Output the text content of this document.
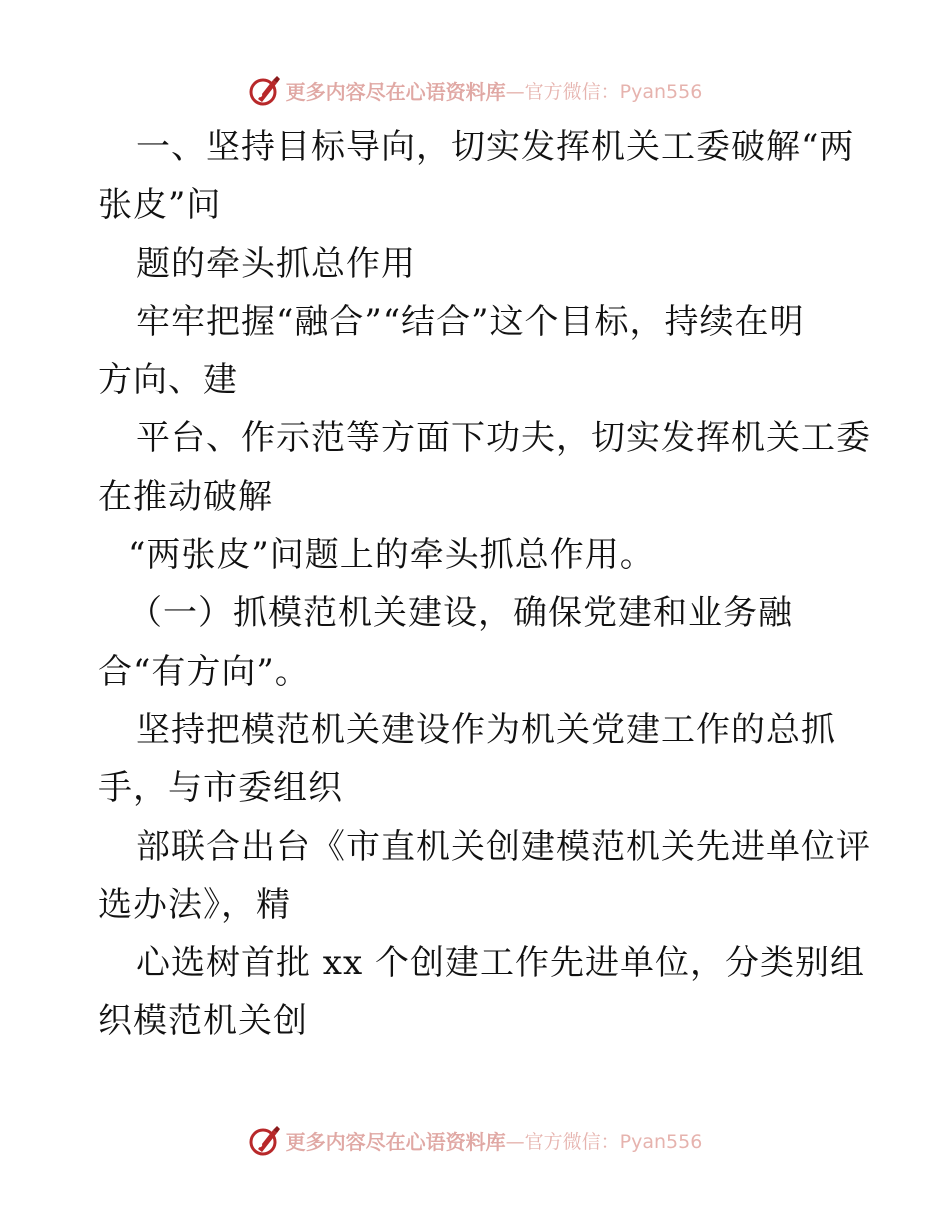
更多内容尽在心语资料库 —官方微信：Pyan556
一、坚持目标导向，切实发挥机关工委破解“两
张皮”问
题的牵头抓总作用
牢牢把握“融合”“结合”这个目标，持续在明
方向、建
平台、作示范等方面下功夫，切实发挥机关工委
在推动破解
“两张皮”问题上的牵头抓总作用。
（一）抓模范机关建设，确保党建和业务融
合“有方向”。
坚持把模范机关建设作为机关党建工作的总抓
手，与市委组织
部联合出台《市直机关创建模范机关先进单位评
选办法》，精
心选树首批 xx 个创建工作先进单位，分类别组
织模范机关创
更多内容尽在心语资料库 —官方微信：Pyan556
